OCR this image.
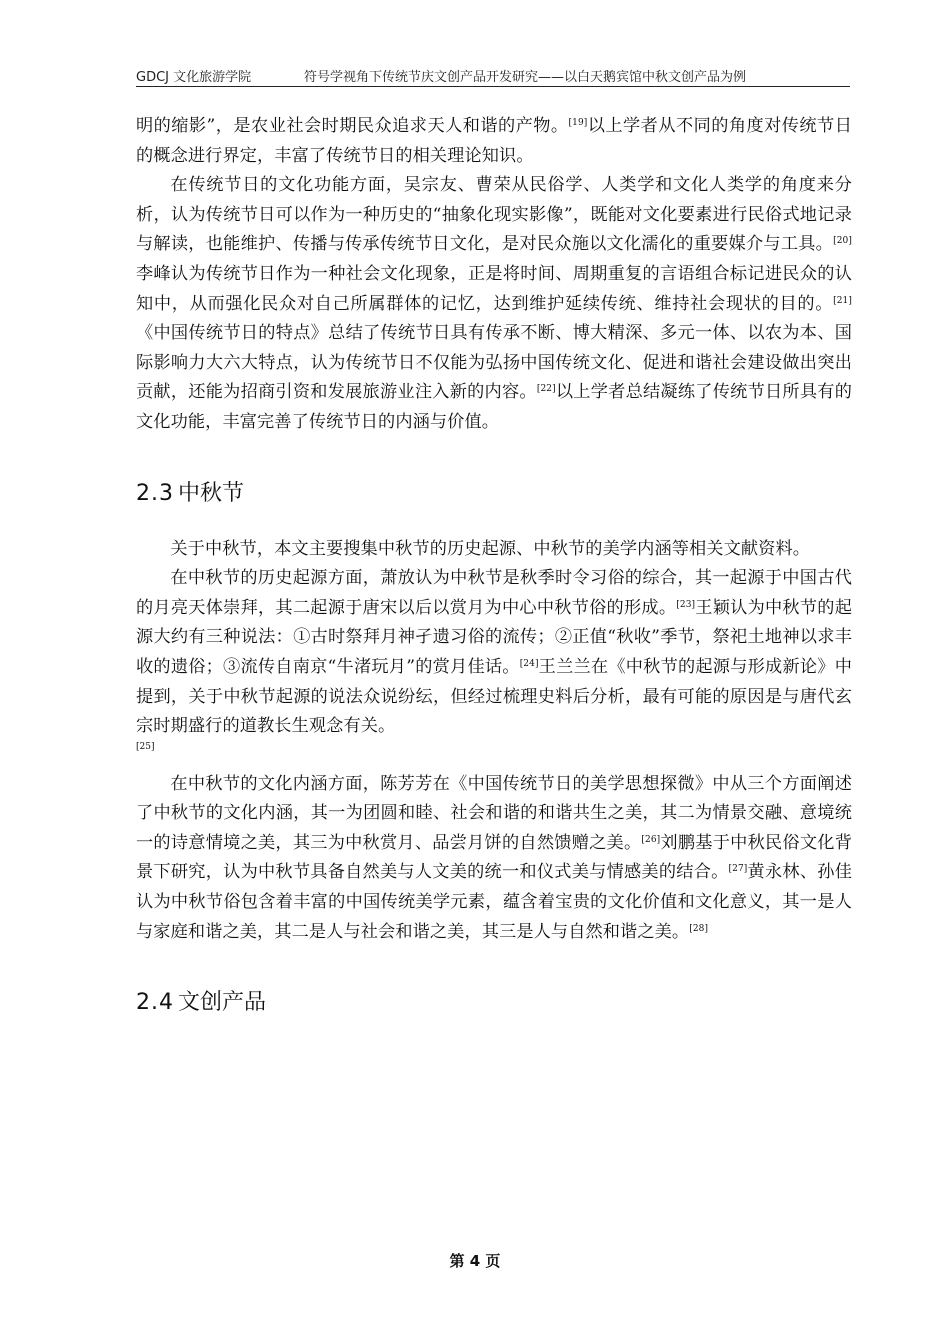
GDCJ 文化旅游学院	符号学视角下传统节庆文创产品开发研究——以白天鹅宾馆中秋文创产品为例

明的缩影”，是农业社会时期民众追求天人和谐的产物。[19]以上学者从不同的角度对传统节日的概念进行界定，丰富了传统节日的相关理论知识。

在传统节日的文化功能方面，吴宗友、曹荣从民俗学、人类学和文化人类学的角度来分析，认为传统节日可以作为一种历史的“抽象化现实影像”，既能对文化要素进行民俗式地记录与解读，也能维护、传播与传承传统节日文化，是对民众施以文化濡化的重要媒介与工具。[20]李峰认为传统节日作为一种社会文化现象，正是将时间、周期重复的言语组合标记进民众的认知中，从而强化民众对自己所属群体的记忆，达到维护延续传统、维持社会现状的目的。[21]《中国传统节日的特点》总结了传统节日具有传承不断、博大精深、多元一体、以农为本、国际影响力大六大特点，认为传统节日不仅能为弘扬中国传统文化、促进和谐社会建设做出突出贡献，还能为招商引资和发展旅游业注入新的内容。[22]以上学者总结凝练了传统节日所具有的文化功能，丰富完善了传统节日的内涵与价值。

2.3 中秋节

关于中秋节，本文主要搜集中秋节的历史起源、中秋节的美学内涵等相关文献资料。

在中秋节的历史起源方面，萧放认为中秋节是秋季时令习俗的综合，其一起源于中国古代的月亮天体崇拜，其二起源于唐宋以后以赏月为中心中秋节俗的形成。[23]王颖认为中秋节的起源大约有三种说法：①古时祭拜月神孑遗习俗的流传；②正值“秋收”季节，祭祀土地神以求丰收的遗俗；③流传自南京“牛渚玩月”的赏月佳话。[24]王兰兰在《中秋节的起源与形成新论》中提到，关于中秋节起源的说法众说纷纭，但经过梳理史料后分析，最有可能的原因是与唐代玄宗时期盛行的道教长生观念有关。

[25]

在中秋节的文化内涵方面，陈芳芳在《中国传统节日的美学思想探微》中从三个方面阐述了中秋节的文化内涵，其一为团圆和睦、社会和谐的和谐共生之美，其二为情景交融、意境统一的诗意情境之美，其三为中秋赏月、品尝月饼的自然馈赠之美。[26]刘鹏基于中秋民俗文化背景下研究，认为中秋节具备自然美与人文美的统一和仪式美与情感美的结合。[27]黄永林、孙佳认为中秋节俗包含着丰富的中国传统美学元素，蕴含着宝贵的文化价值和文化意义，其一是人与家庭和谐之美，其二是人与社会和谐之美，其三是人与自然和谐之美。[28]

2.4 文创产品
第 4 页
